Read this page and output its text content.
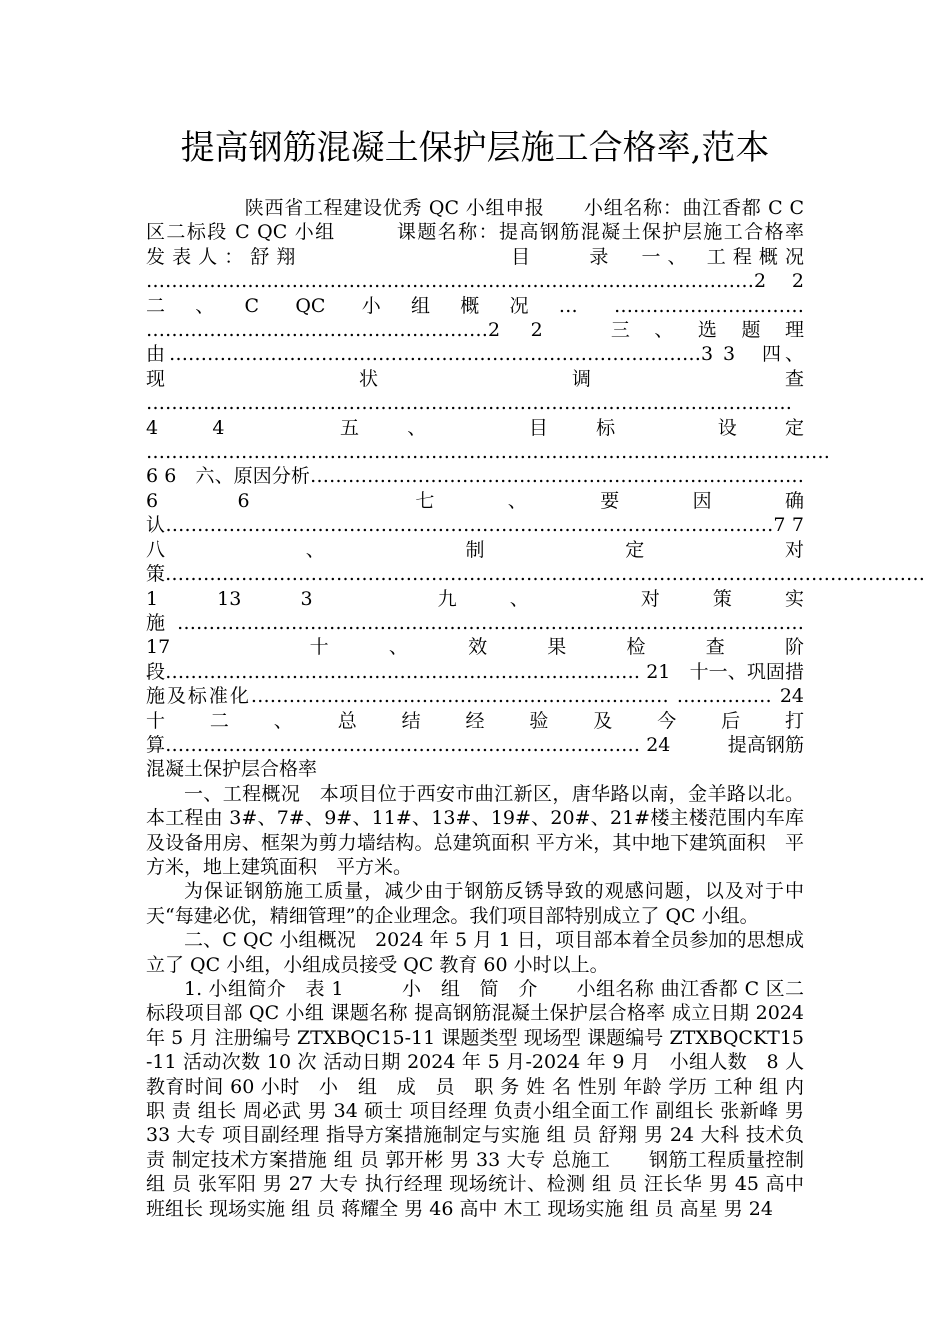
提高钢筋混凝土保护层施工合格率,范本

陕西省工程建设优秀 QC 小组申报　　小组名称：曲江香都 C C 区二标段 C QC 小组　　　课题名称：提高钢筋混凝土保护层施工合格率　　发表人：舒翔　　　　　　　　目　　录　一、 工程概况 ……………………………………………………………………………………2 2　二、C QC 小组概况… ………………………… ………………………………………………2 2　三、选题理由…………………………………………………………………………3 3　四、 现状调查 …………………………………………………………………………………………4 4　五、 目标 设定 ………………………………………………………………………………………………6 6　六、原因分析……………………………………………………………………6 6　七、要因确认……………………………………………………………………………………7 7　八、制定对策…………………………………………………………………………………………………………1 13 3　九、 对策实施……………………………………………………………………………………… 17　十、效果检查阶段………………………………………………………………… 21　十一、巩固措施及标准化………………………………………………………… …………… 24　十二、总结经验及今后打算………………………………………………………………… 24　　　提高钢筋混凝土保护层合格率

一、工程概况　本项目位于西安市曲江新区，唐华路以南，金羊路以北。本工程由 3#、7#、9#、11#、13#、19#、20#、21#楼主楼范围内车库及设备用房、框架为剪力墙结构。总建筑面积 平方米，其中地下建筑面积　平方米，地上建筑面积　平方米。

为保证钢筋施工质量，减少由于钢筋反锈导致的观感问题，以及对于中天“每建必优，精细管理”的企业理念。我们项目部特别成立了 QC 小组。

二、C QC 小组概况　2024 年 5 月 1 日，项目部本着全员参加的思想成立了 QC 小组，小组成员接受 QC 教育 60 小时以上。

1. 小组简介　表 1　　　小　组　简　介　　小组名称 曲江香都 C 区二标段项目部 QC 小组 课题名称 提高钢筋混凝土保护层合格率 成立日期 2024 年 5 月 注册编号 ZTXBQC15-11 课题类型 现场型 课题编号 ZTXBQCKT15-11 活动次数 10 次 活动日期 2024 年 5 月-2024 年 9 月　小组人数　8 人 教育时间 60 小时　小　组　成　员　职 务 姓 名 性别 年龄 学历 工种 组 内 职 责 组长 周必武 男 34 硕士 项目经理 负责小组全面工作 副组长 张新峰 男 33 大专 项目副经理 指导方案措施制定与实施 组 员 舒翔 男 24 大科 技术负责 制定技术方案措施 组 员 郭开彬 男 33 大专 总施工　　钢筋工程质量控制 组 员 张军阳 男 27 大专 执行经理 现场统计、检测 组 员 汪长华 男 45 高中 班组长 现场实施 组 员 蒋耀全 男 46 高中 木工 现场实施 组 员 高星 男 24
